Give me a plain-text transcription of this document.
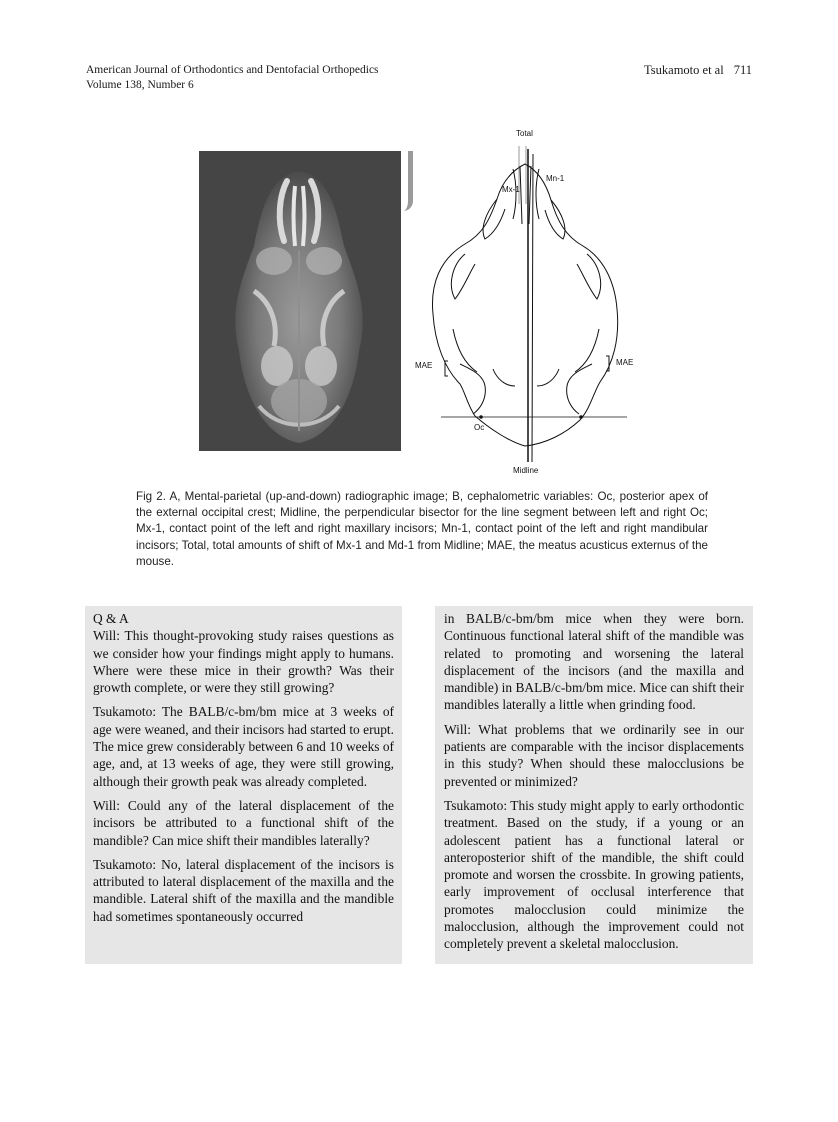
American Journal of Orthodontics and Dentofacial Orthopedics
Volume 138, Number 6
Tsukamoto et al 711
Total
Mx-1
Mn-1
MAE	MAE
Oc
Midline
Fig 2. A, Mental-parietal (up-and-down) radiographic image; B, cephalometric variables: Oc, posterior apex of the external occipital crest; Midline, the perpendicular bisector for the line segment between left and right Oc; Mx-1, contact point of the left and right maxillary incisors; Mn-1, contact point of the left and right mandibular incisors; Total, total amounts of shift of Mx-1 and Md-1 from Midline; MAE, the meatus acusticus externus of the mouse.

Q & A

Will: This thought-provoking study raises questions as we consider how your findings might apply to humans. Where were these mice in their growth? Was their growth complete, or were they still growing?

Tsukamoto: The BALB/c-bm/bm mice at 3 weeks of age were weaned, and their incisors had started to erupt. The mice grew considerably between 6 and 10 weeks of age, and, at 13 weeks of age, they were still growing, although their growth peak was already completed.

Will: Could any of the lateral displacement of the incisors be attributed to a functional shift of the mandible? Can mice shift their mandibles laterally?

Tsukamoto: No, lateral displacement of the incisors is attributed to lateral displacement of the maxilla and the mandible. Lateral shift of the maxilla and the mandible had sometimes spontaneously occurred

in BALB/c-bm/bm mice when they were born. Continuous functional lateral shift of the mandible was related to promoting and worsening the lateral displacement of the incisors (and the maxilla and mandible) in BALB/c-bm/bm mice. Mice can shift their mandibles laterally a little when grinding food.

Will: What problems that we ordinarily see in our patients are comparable with the incisor displacements in this study? When should these malocclusions be prevented or minimized?

Tsukamoto: This study might apply to early orthodontic treatment. Based on the study, if a young or an adolescent patient has a functional lateral or anteroposterior shift of the mandible, the shift could promote and worsen the crossbite. In growing patients, early improvement of occlusal interference that promotes malocclusion could minimize the malocclusion, although the improvement could not completely prevent a skeletal malocclusion.
